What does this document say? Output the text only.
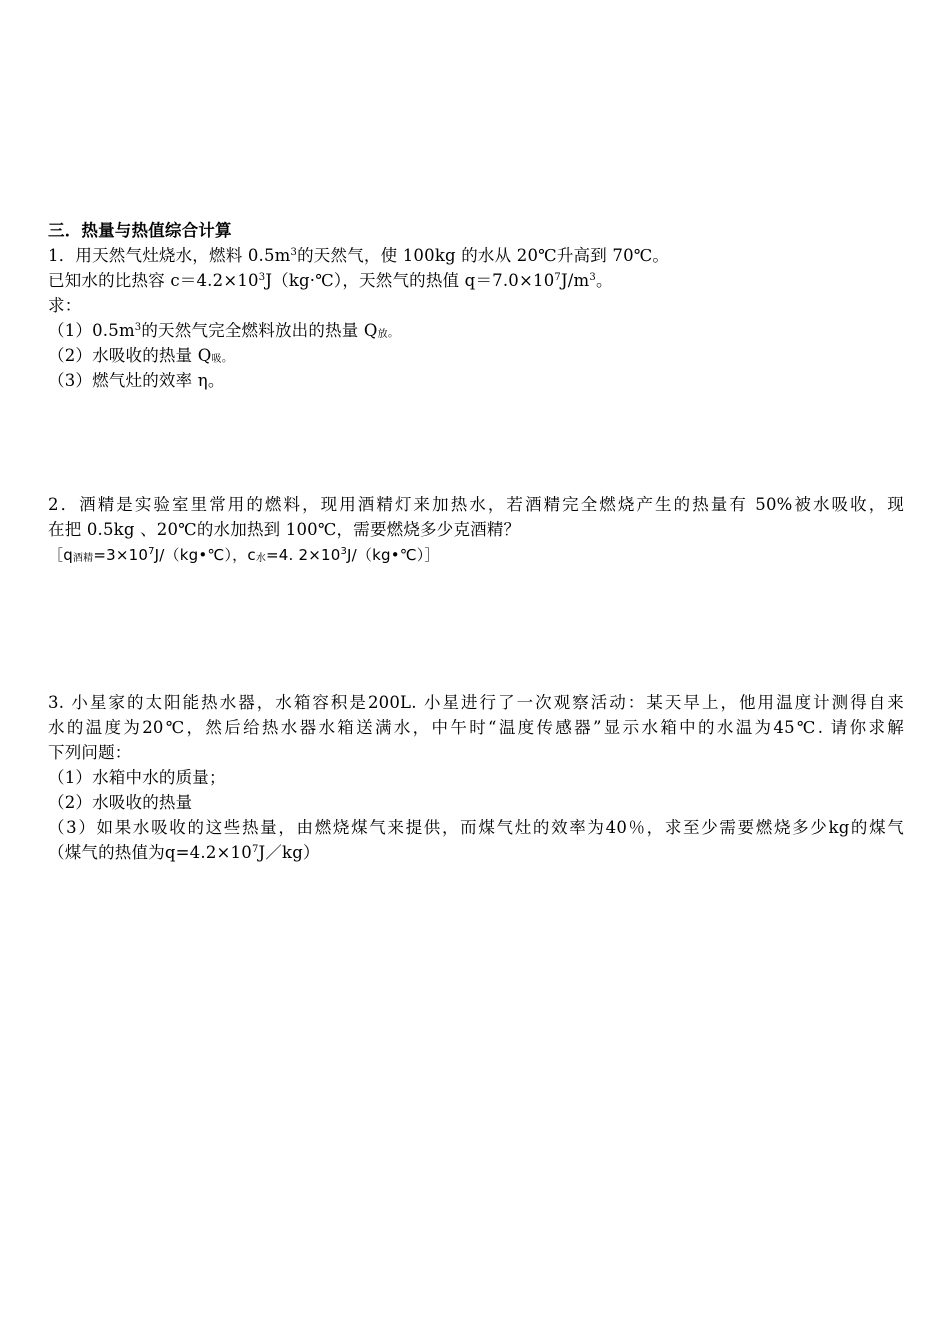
三．热量与热值综合计算
1．用天然气灶烧水，燃料 $0.5m^3$的天然气，使 100kg 的水从 20℃升高到 70℃。
已知水的比热容 $c=4.2\times 10^3J(kg\cdot℃)$，天然气的热值 $q=7.0\times 10^7J/m^3$。
求：
$(1)0.5m^3$的天然气完全燃料放出的热量 $Q_放$。
（2）水吸收的热量 $Q_吸$。
（3）燃气灶的效率 η。
2．酒精是实验室里常用的燃料，现用酒精灯来加热水，若酒精完全燃烧产生的热量有 50%被水吸收，现
在把 0.5kg 、20℃的水加热到 100℃，需要燃烧多少克酒精？
$[q_{酒精}=3\times 10^7J/(kg•℃)$，$c_水=4$. $2\times 10^3J/(kg•℃)]$
3. 小星家的太阳能热水器，水箱容积是200L. 小星进行了一次观察活动：某天早上，他用温度计测得自来
水的温度为20℃，然后给热水器水箱送满水，中午时“温度传感器”显示水箱中的水温为45℃. 请你求解
下列问题：
（1）水箱中水的质量；
（2）水吸收的热量
（3）如果水吸收的这些热量，由燃烧煤气来提供，而煤气灶的效率为40％，求至少需要燃烧多少kg的煤气
（煤气的热值为$q=4.2\times 10^7J/kg$）
